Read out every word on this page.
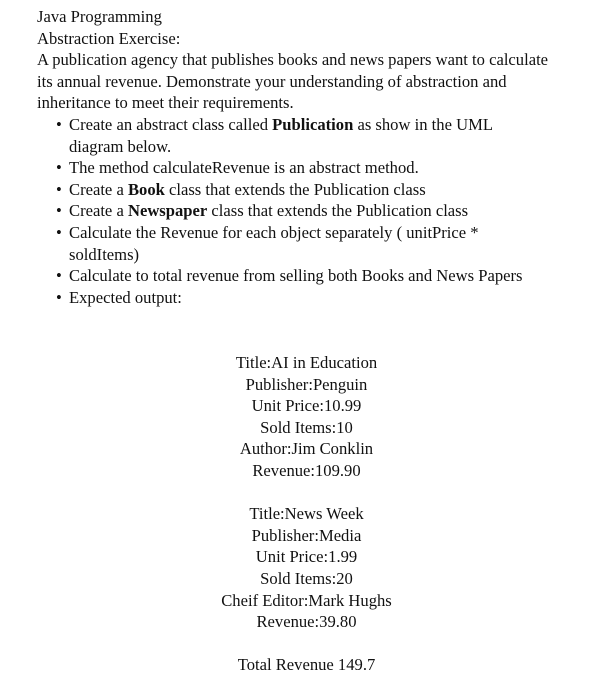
Java Programming
Abstraction Exercise:
A publication agency that publishes books and news papers want to calculate its annual revenue. Demonstrate your understanding of abstraction and inheritance to meet their requirements.
• Create an abstract class called Publication as show in the UML diagram below.
• The method calculateRevenue is an abstract method.
• Create a Book class that extends the Publication class
• Create a Newspaper class that extends the Publication class
• Calculate the Revenue for each object separately ( unitPrice * soldItems)
• Calculate to total revenue from selling both Books and News Papers
• Expected output:
Title:AI in Education
Publisher:Penguin
Unit Price:10.99
Sold Items:10
Author:Jim Conklin
Revenue:109.90
Title:News Week
Publisher:Media
Unit Price:1.99
Sold Items:20
Cheif Editor:Mark Hughs
Revenue:39.80
Total Revenue 149.7
